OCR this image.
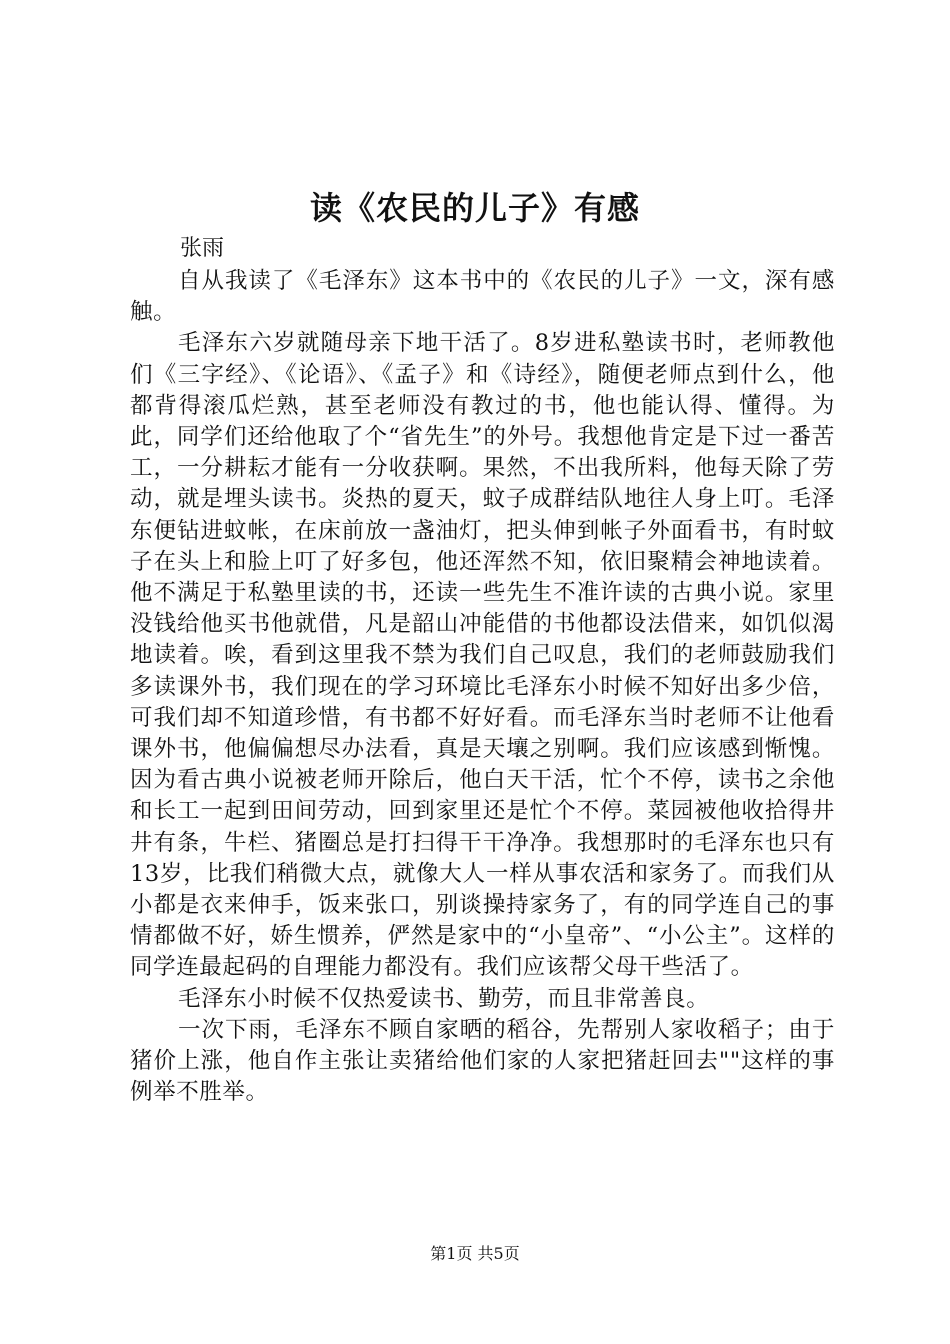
读《农民的儿子》有感

张雨

自从我读了《毛泽东》这本书中的《农民的儿子》一文，深有感触。

毛泽东六岁就随母亲下地干活了。8岁进私塾读书时，老师教他们《三字经》、《论语》、《孟子》和《诗经》，随便老师点到什么，他都背得滚瓜烂熟，甚至老师没有教过的书，他也能认得、懂得。为此，同学们还给他取了个“省先生”的外号。我想他肯定是下过一番苦工，一分耕耘才能有一分收获啊。果然，不出我所料，他每天除了劳动，就是埋头读书。炎热的夏天，蚊子成群结队地往人身上叮。毛泽东便钻进蚊帐，在床前放一盏油灯，把头伸到帐子外面看书，有时蚊子在头上和脸上叮了好多包，他还浑然不知，依旧聚精会神地读着。他不满足于私塾里读的书，还读一些先生不准许读的古典小说。家里没钱给他买书他就借，凡是韶山冲能借的书他都设法借来，如饥似渴地读着。唉，看到这里我不禁为我们自己叹息，我们的老师鼓励我们多读课外书，我们现在的学习环境比毛泽东小时候不知好出多少倍，可我们却不知道珍惜，有书都不好好看。而毛泽东当时老师不让他看课外书，他偏偏想尽办法看，真是天壤之别啊。我们应该感到惭愧。因为看古典小说被老师开除后，他白天干活，忙个不停，读书之余他和长工一起到田间劳动，回到家里还是忙个不停。菜园被他收拾得井井有条，牛栏、猪圈总是打扫得干干净净。我想那时的毛泽东也只有13岁，比我们稍微大点，就像大人一样从事农活和家务了。而我们从小都是衣来伸手，饭来张口，别谈操持家务了，有的同学连自己的事情都做不好，娇生惯养，俨然是家中的“小皇帝”、“小公主”。这样的同学连最起码的自理能力都没有。我们应该帮父母干些活了。

毛泽东小时候不仅热爱读书、勤劳，而且非常善良。

一次下雨，毛泽东不顾自家晒的稻谷，先帮别人家收稻子；由于猪价上涨，他自作主张让卖猪给他们家的人家把猪赶回去""这样的事例举不胜举。

第1页 共5页
